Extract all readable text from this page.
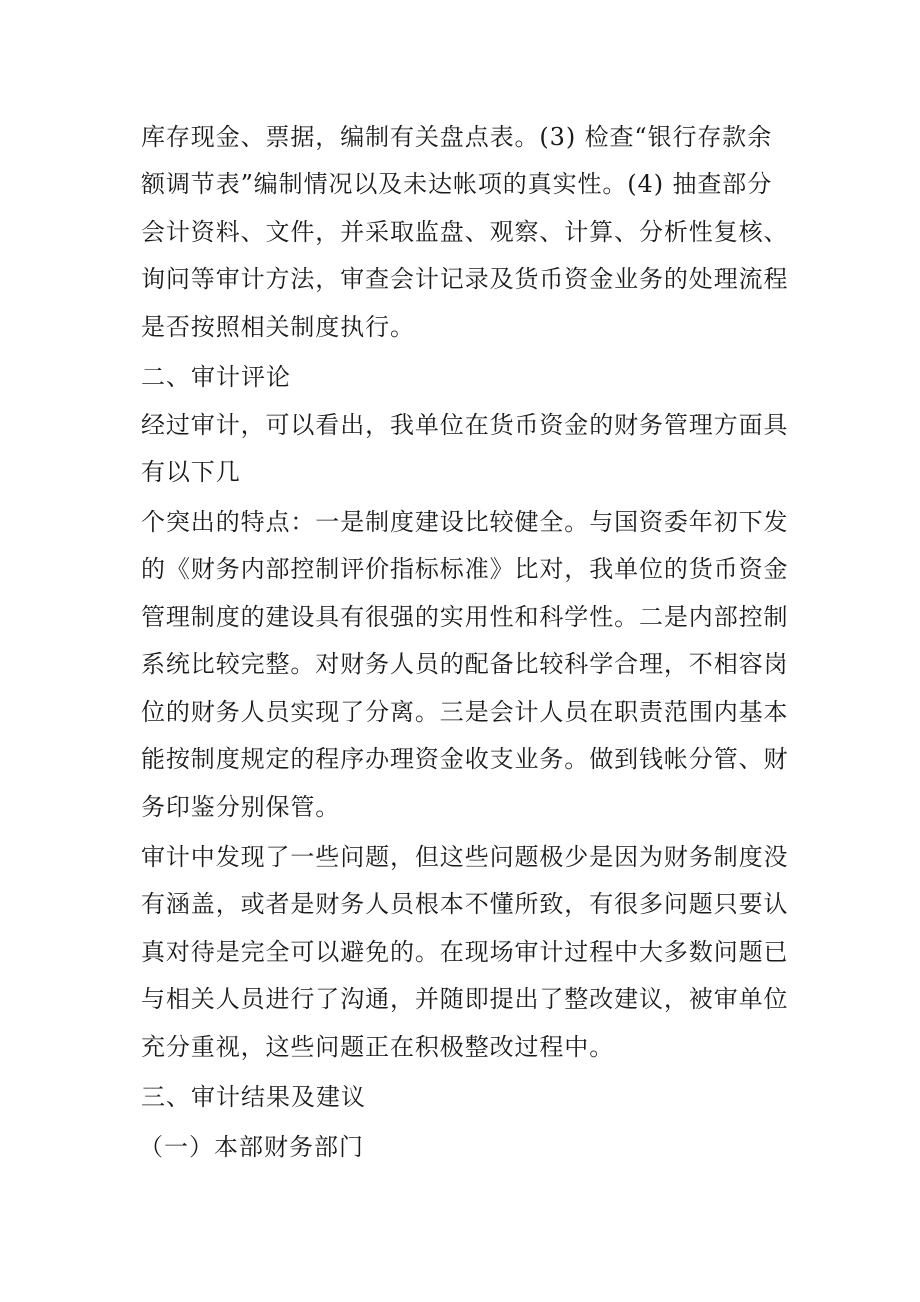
库存现金、票据，编制有关盘点表。(3) 检查“银行存款余

额调节表”编制情况以及未达帐项的真实性。(4) 抽查部分

会计资料、文件，并采取监盘、观察、计算、分析性复核、

询问等审计方法，审查会计记录及货币资金业务的处理流程

是否按照相关制度执行。

二、审计评论

经过审计，可以看出，我单位在货币资金的财务管理方面具

有以下几

个突出的特点：一是制度建设比较健全。与国资委年初下发

的《财务内部控制评价指标标准》比对，我单位的货币资金

管理制度的建设具有很强的实用性和科学性。二是内部控制

系统比较完整。对财务人员的配备比较科学合理，不相容岗

位的财务人员实现了分离。三是会计人员在职责范围内基本

能按制度规定的程序办理资金收支业务。做到钱帐分管、财

务印鉴分别保管。

审计中发现了一些问题，但这些问题极少是因为财务制度没

有涵盖，或者是财务人员根本不懂所致，有很多问题只要认

真对待是完全可以避免的。在现场审计过程中大多数问题已

与相关人员进行了沟通，并随即提出了整改建议，被审单位

充分重视，这些问题正在积极整改过程中。

三、审计结果及建议

（一）本部财务部门
